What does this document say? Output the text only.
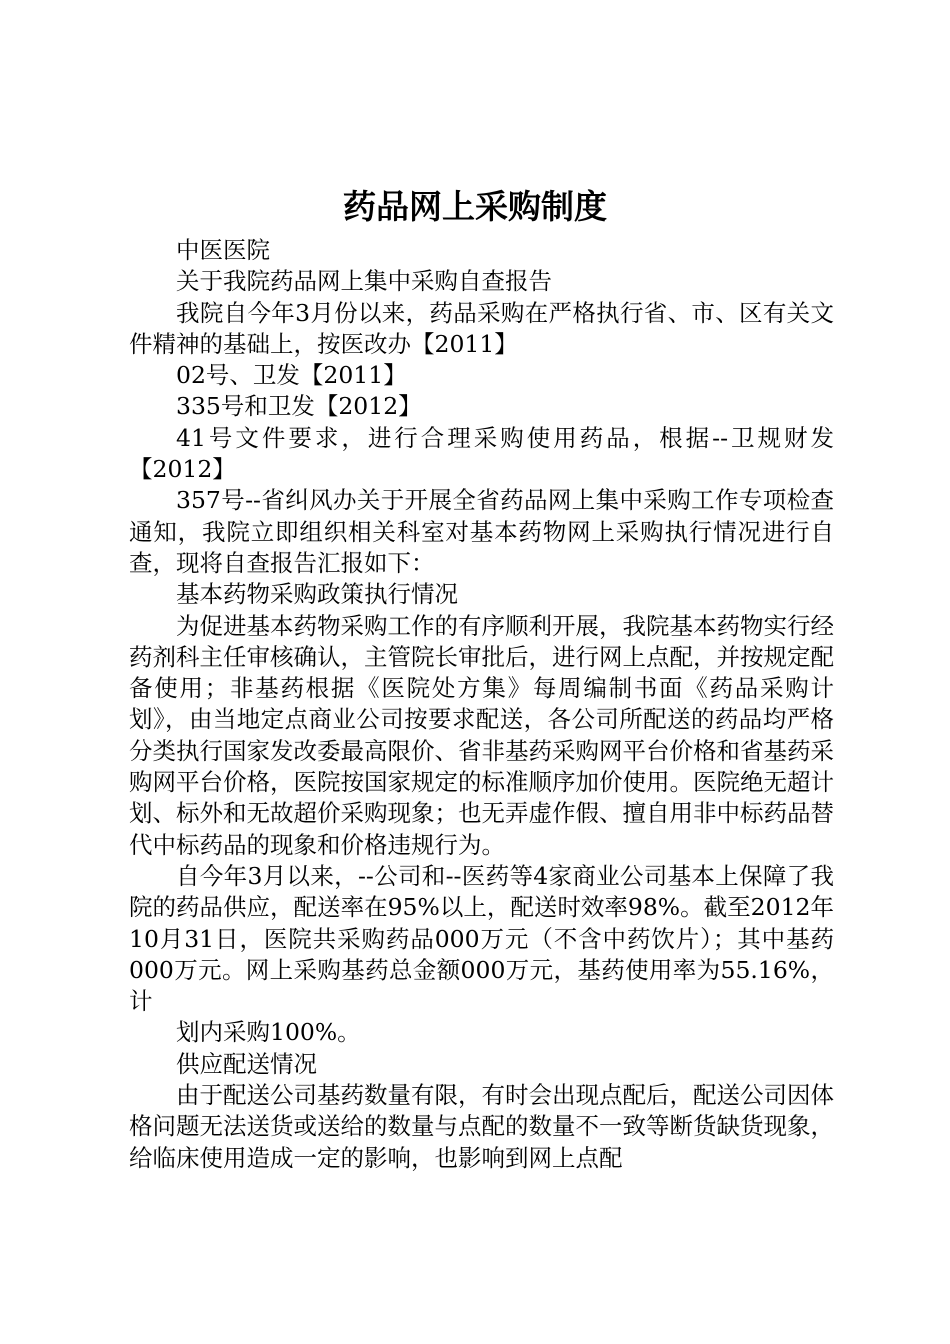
药品网上采购制度

中医医院

关于我院药品网上集中采购自查报告

我院自今年3月份以来，药品采购在严格执行省、市、区有关文件精神的基础上，按医改办【2011】

02号、卫发【2011】

335号和卫发【2012】

41号文件要求，进行合理采购使用药品，根据--卫规财发【2012】

357号--省纠风办关于开展全省药品网上集中采购工作专项检查通知，我院立即组织相关科室对基本药物网上采购执行情况进行自查，现将自查报告汇报如下：

基本药物采购政策执行情况

为促进基本药物采购工作的有序顺利开展，我院基本药物实行经药剂科主任审核确认，主管院长审批后，进行网上点配，并按规定配备使用；非基药根据《医院处方集》每周编制书面《药品采购计划》，由当地定点商业公司按要求配送，各公司所配送的药品均严格分类执行国家发改委最高限价、省非基药采购网平台价格和省基药采购网平台价格，医院按国家规定的标准顺序加价使用。医院绝无超计划、标外和无故超价采购现象；也无弄虚作假、擅自用非中标药品替代中标药品的现象和价格违规行为。

自今年3月以来，--公司和--医药等4家商业公司基本上保障了我院的药品供应，配送率在95%以上，配送时效率98%。截至2012年10月31日，医院共采购药品000万元（不含中药饮片）；其中基药000万元。网上采购基药总金额000万元，基药使用率为55.16%，计

划内采购100%。

供应配送情况

由于配送公司基药数量有限，有时会出现点配后，配送公司因体格问题无法送货或送给的数量与点配的数量不一致等断货缺货现象，给临床使用造成一定的影响，也影响到网上点配
